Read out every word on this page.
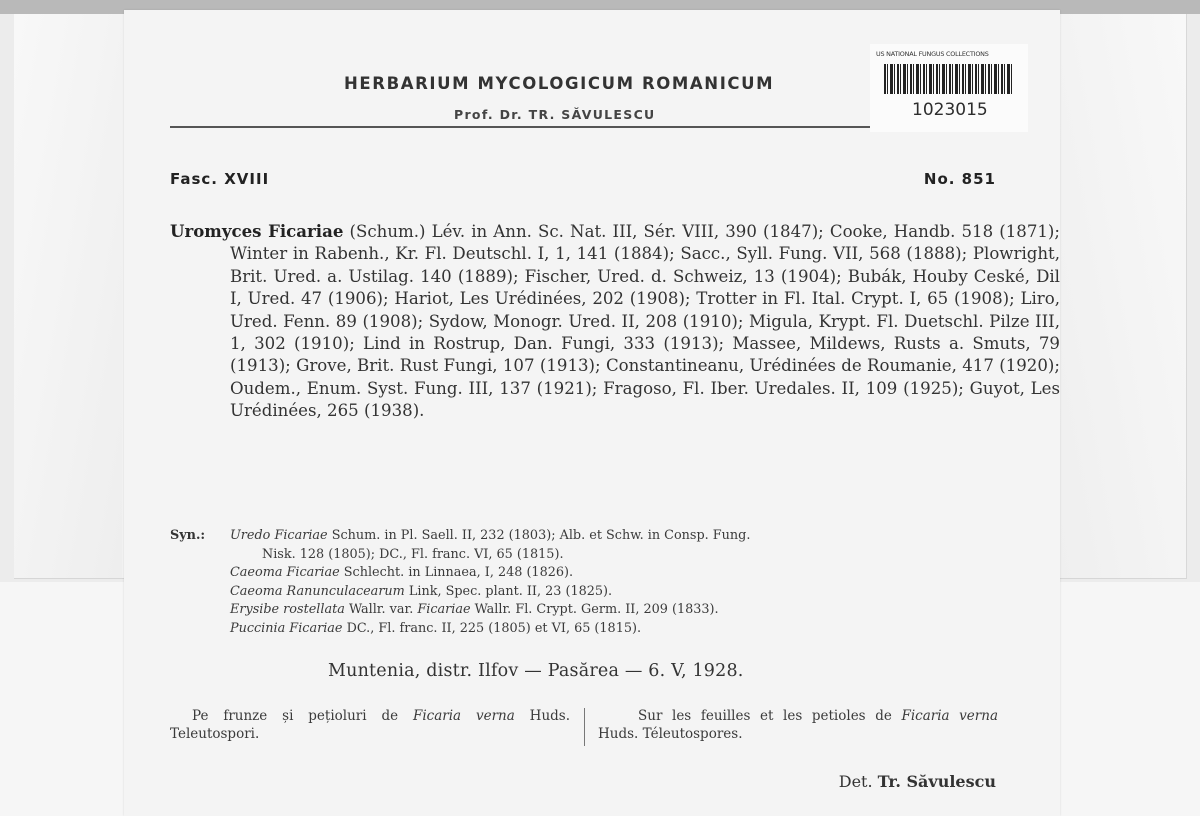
HERBARIUM MYCOLOGICUM ROMANICUM
Prof. Dr. TR. SĂVULESCU
US NATIONAL FUNGUS COLLECTIONS
1023015
Fasc. XVIII	No. 851
Uromyces Ficariae (Schum.) Lév. in Ann. Sc. Nat. III, Sér. VIII, 390 (1847); Cooke, Handb. 518 (1871); Winter in Rabenh., Kr. Fl. Deutschl. I, 1, 141 (1884); Sacc., Syll. Fung. VII, 568 (1888); Plowright, Brit. Ured. a. Ustilag. 140 (1889); Fischer, Ured. d. Schweiz, 13 (1904); Bubák, Houby Ceské, Dil I, Ured. 47 (1906); Hariot, Les Urédinées, 202 (1908); Trotter in Fl. Ital. Crypt. I, 65 (1908); Liro, Ured. Fenn. 89 (1908); Sydow, Monogr. Ured. II, 208 (1910); Migula, Krypt. Fl. Duetschl. Pilze III, 1, 302 (1910); Lind in Rostrup, Dan. Fungi, 333 (1913); Massee, Mildews, Rusts a. Smuts, 79 (1913); Grove, Brit. Rust Fungi, 107 (1913); Constantineanu, Urédinées de Roumanie, 417 (1920); Oudem., Enum. Syst. Fung. III, 137 (1921); Fragoso, Fl. Iber. Uredales. II, 109 (1925); Guyot, Les Urédinées, 265 (1938).
Syn.: Uredo Ficariae Schum. in Pl. Saell. II, 232 (1803); Alb. et Schw. in Consp. Fung.
Nisk. 128 (1805); DC., Fl. franc. VI, 65 (1815).
Caeoma Ficariae Schlecht. in Linnaea, I, 248 (1826).
Caeoma Ranunculacearum Link, Spec. plant. II, 23 (1825).
Erysibe rostellata Wallr. var. Ficariae Wallr. Fl. Crypt. Germ. II, 209 (1833).
Puccinia Ficariae DC., Fl. franc. II, 225 (1805) et VI, 65 (1815).
Muntenia, distr. Ilfov — Pasărea — 6. V, 1928.
Pe frunze și pețioluri de Ficaria verna Huds. Teleutospori.
Sur les feuilles et les petioles de Ficaria verna Huds. Téleutospores.
Det. Tr. Săvulescu
